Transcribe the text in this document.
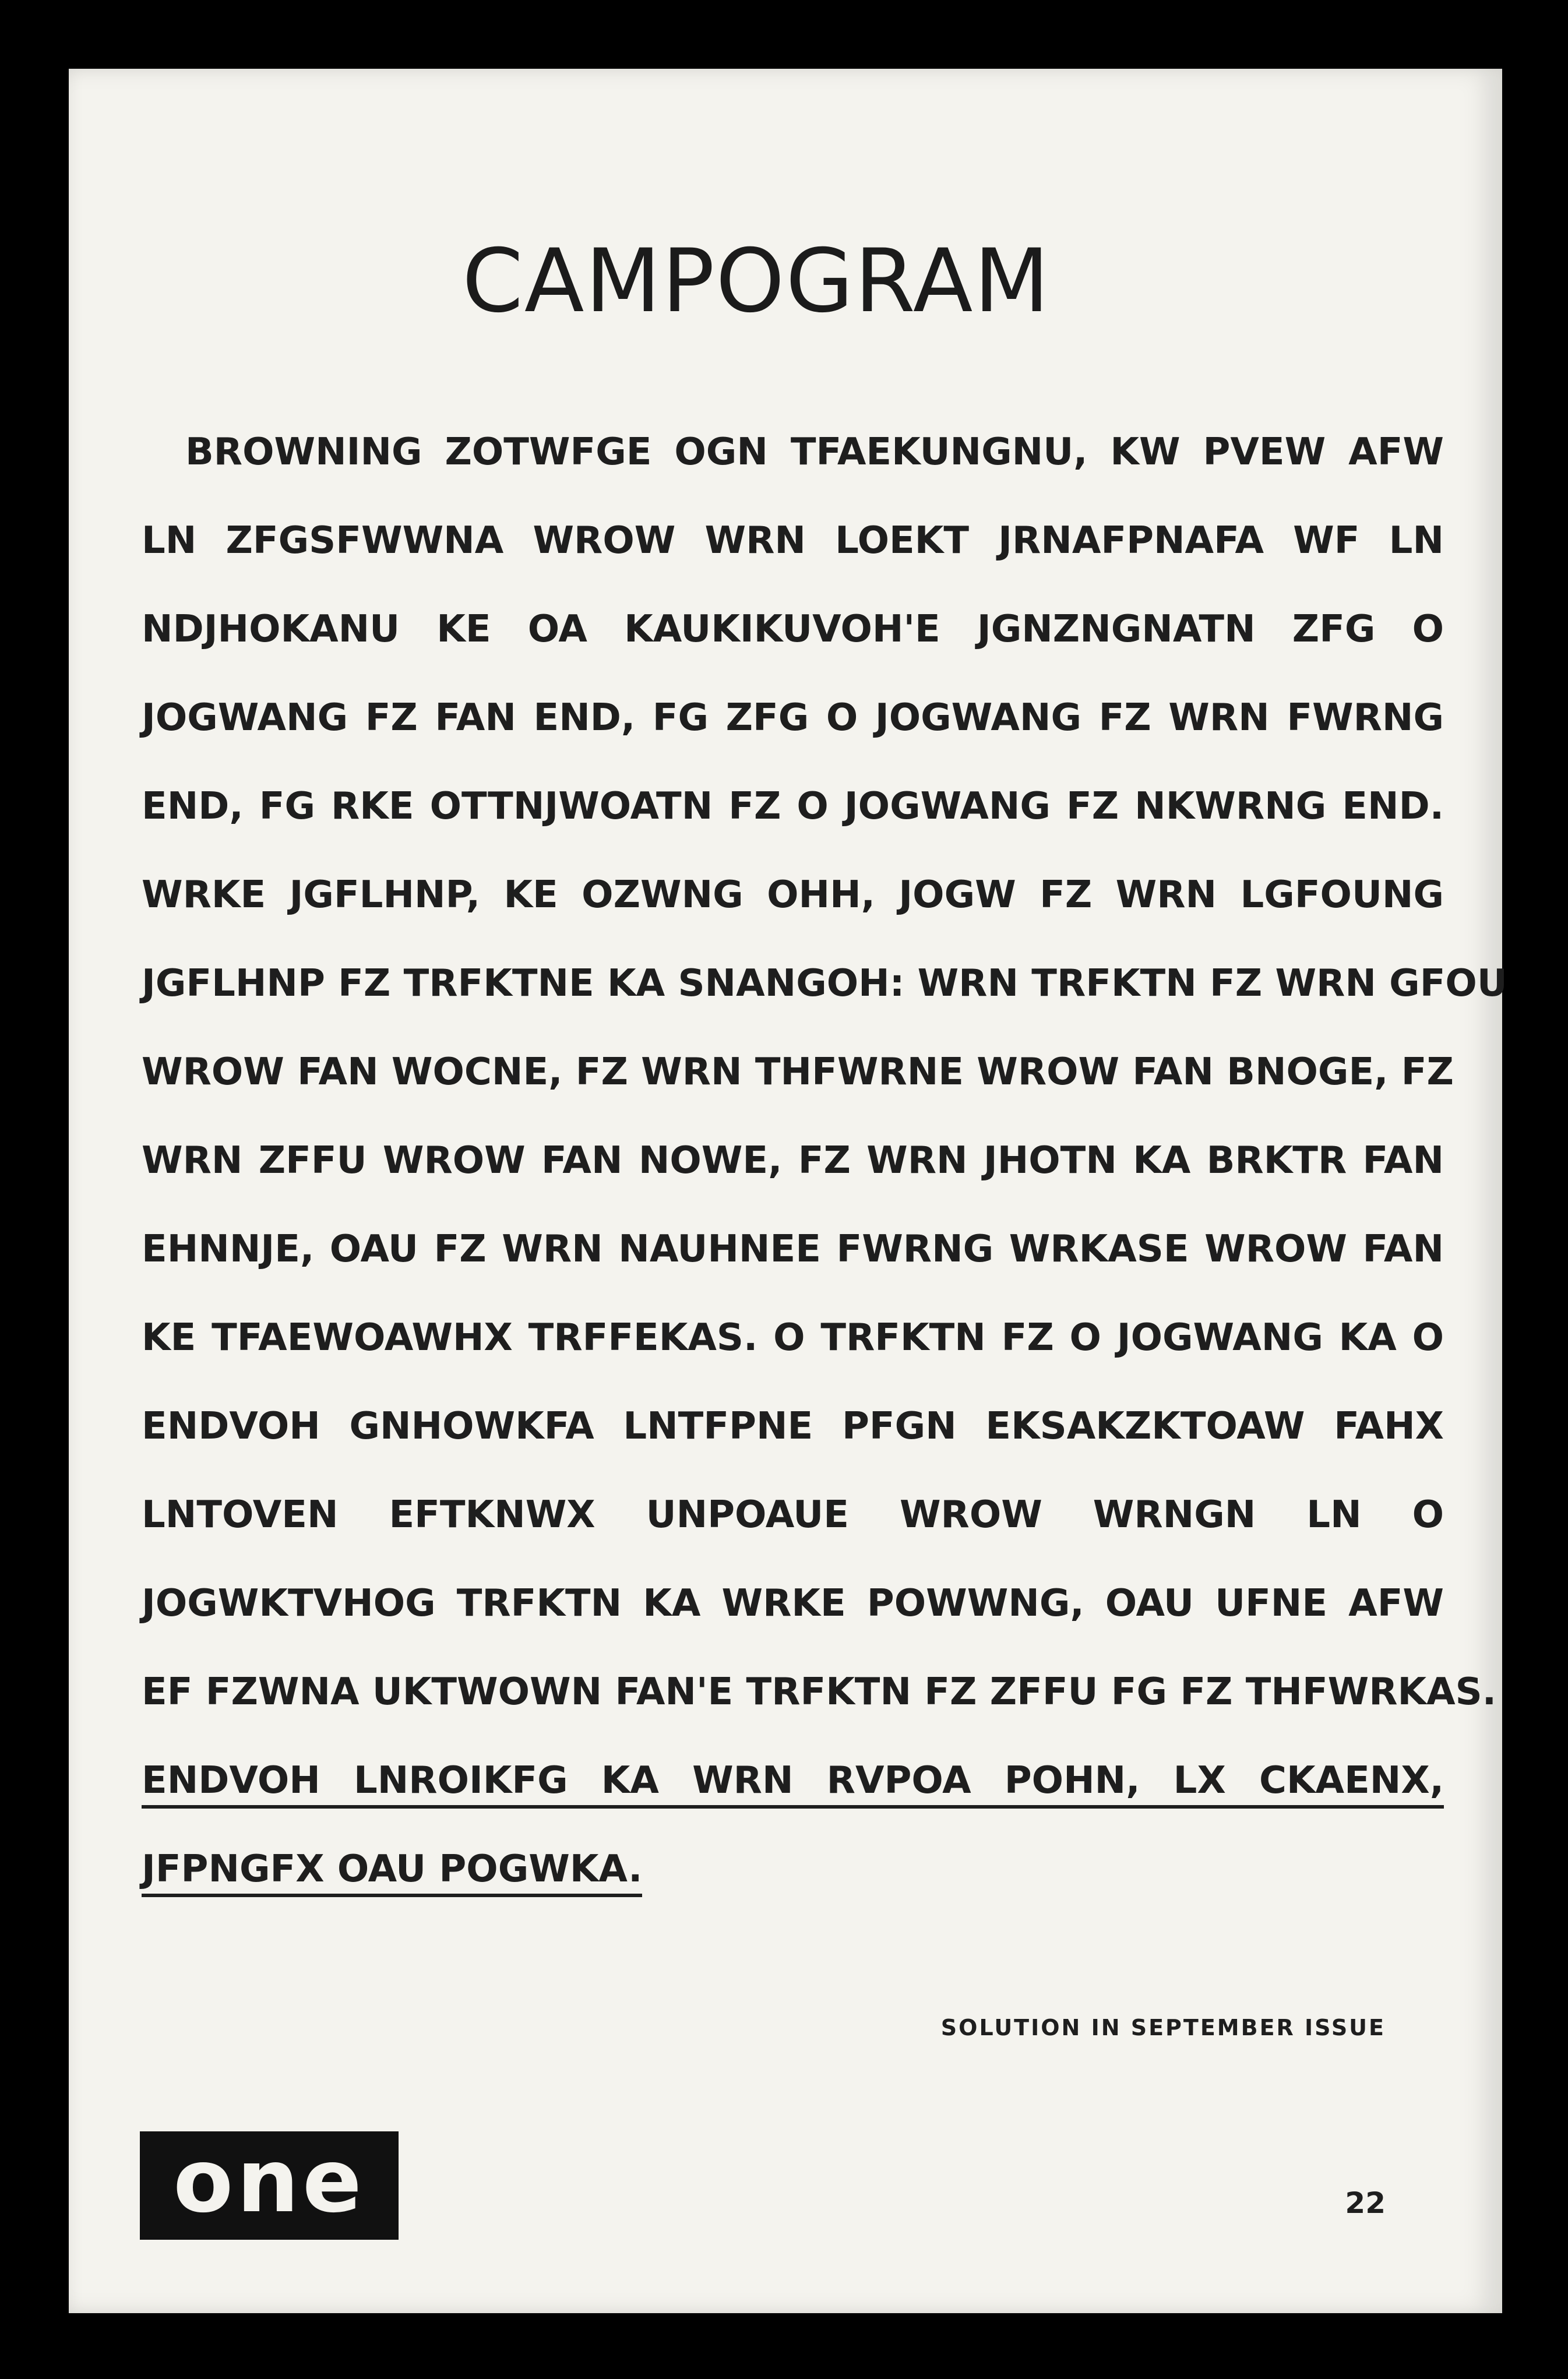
CAMPOGRAM
BROWNING ZOTWFGE OGN TFAEKUNGNU, KW PVEW AFW
LN ZFGSFWWNA WROW WRN LOEKT JRNAFPNAFA WF LN
NDJHOKANU KE OA KAUKIKUVOH'E JGNZNGNATN ZFG O
JOGWANG FZ FAN END, FG ZFG O JOGWANG FZ WRN FWRNG
END, FG RKE OTTNJWOATN FZ O JOGWANG FZ NKWRNG END.
WRKE JGFLHNP, KE OZWNG OHH, JOGW FZ WRN LGFOUNG
JGFLHNP FZ TRFKTNE KA SNANGOH: WRN TRFKTN FZ WRN GFOU
WROW FAN WOCNE, FZ WRN THFWRNE WROW FAN BNOGE, FZ
WRN ZFFU WROW FAN NOWE, FZ WRN JHOTN KA BRKTR FAN
EHNNJE, OAU FZ WRN NAUHNEE FWRNG WRKASE WROW FAN
KE TFAEWOAWHX TRFFEKAS. O TRFKTN FZ O JOGWANG KA O
ENDVOH GNHOWKFA LNTFPNE PFGN EKSAKZKTOAW FAHX
LNTOVEN EFTKNWX UNPOAUE WROW WRNGN LN O
JOGWKTVHOG TRFKTN KA WRKE POWWNG, OAU UFNE AFW
EF FZWNA UKTWOWN FAN'E TRFKTN FZ ZFFU FG FZ THFWRKAS.
ENDVOH LNROIKFG KA WRN RVPOA POHN, LX CKAENX,
JFPNGFX OAU POGWKA.
SOLUTION IN SEPTEMBER ISSUE
one	22
